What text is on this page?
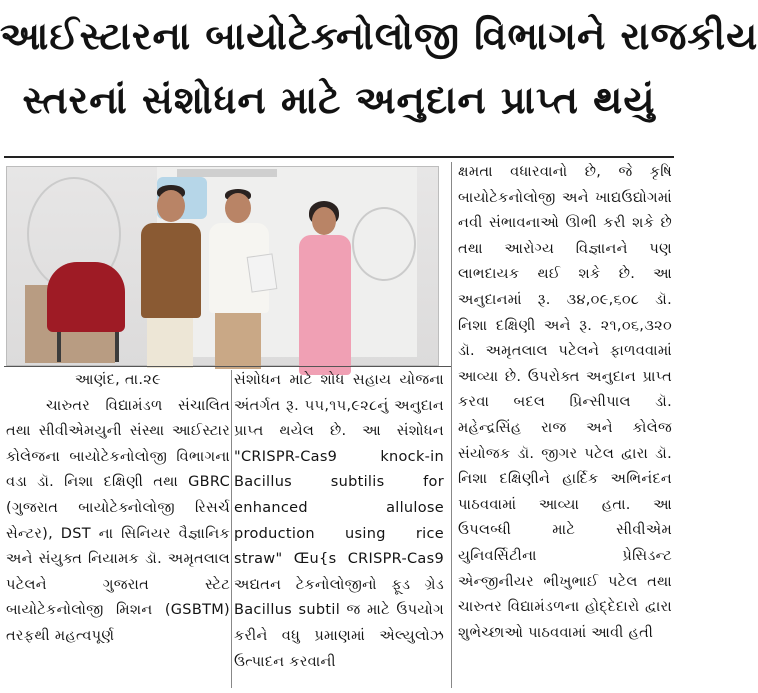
આઈસ્ટારના બાયોટેક્નોલોજી વિભાગને રાજકીય
સ્તરનાં સંશોધન માટે અનુદાન પ્રાપ્ત થયું

આણંદ, તા.૨૯

ચારુતર વિદ્યામંડળ સંચાલિત તથા સીવીએમયુની સંસ્થા આઈસ્ટાર કોલેજના બાયોટેકનોલોજી વિભાગના વડા ડૉ. નિશા દક્ષિણી તથા GBRC (ગુજરાત બાયોટેક્નોલોજી રિસર્ચ સેન્ટર), DST ના સિનિયર વૈજ્ઞાનિક અને સંયુક્ત નિયામક ડૉ. અમૃતલાલ પટેલને ગુજરાત સ્ટેટ બાયોટેકનોલોજી મિશન (GSBTM) તરફથી મહત્વપૂર્ણ

સંશોધન માટે શોધ સહાય યોજના અંતર્ગત રૂ. ૫૫,૧૫,૯૨૮નું અનુદાન પ્રાપ્ત થયેલ છે. આ સંશોધન "CRISPR-Cas9 knock-in Bacillus subtilis for enhanced allulose production using rice straw" Œu{s CRISPR-Cas9 અદ્યતન ટેકનોલોજીનો ફૂડ ગ્રેડ Bacillus subtil જ માટે ઉપયોગ કરીને વધુ પ્રમાણમાં એલ્યુલોઝ ઉત્પાદન કરવાની

ક્ષમતા વધારવાનો છે, જે કૃષિ બાયોટેકનોલોજી અને ખાદ્યઉદ્યોગમાં નવી સંભાવનાઓ ઊભી કરી શકે છે તથા આરોગ્ય વિજ્ઞાનને પણ લાભદાયક થઈ શકે છે. આ અનુદાનમાં રૂ. ૩૪,૦૯,૬૦૮ ડૉ. નિશા દક્ષિણી અને રૂ. ૨૧,૦૬,૩૨૦ ડૉ. અમૃતલાલ પટેલને ફાળવવામાં આવ્યા છે. ઉપરોક્ત અનુદાન પ્રાપ્ત કરવા બદલ પ્રિન્સીપાલ ડૉ. મહેન્દ્રસિંહ રાજ અને કોલેજ સંયોજક ડૉ. જીગર પટેલ દ્વારા ડૉ. નિશા દક્ષિણીને હાર્દિક અભિનંદન પાઠવવામાં આવ્યા હતા. આ ઉપલબ્ધી માટે સીવીએમ યુનિવર્સિટીના પ્રેસિડન્ટ એન્જીનીયર ભીખુભાઈ પટેલ તથા ચારુતર વિદ્યામંડળના હોદ્દેદારો દ્વારા શુભેચ્છાઓ પાઠવવામાં આવી હતી
